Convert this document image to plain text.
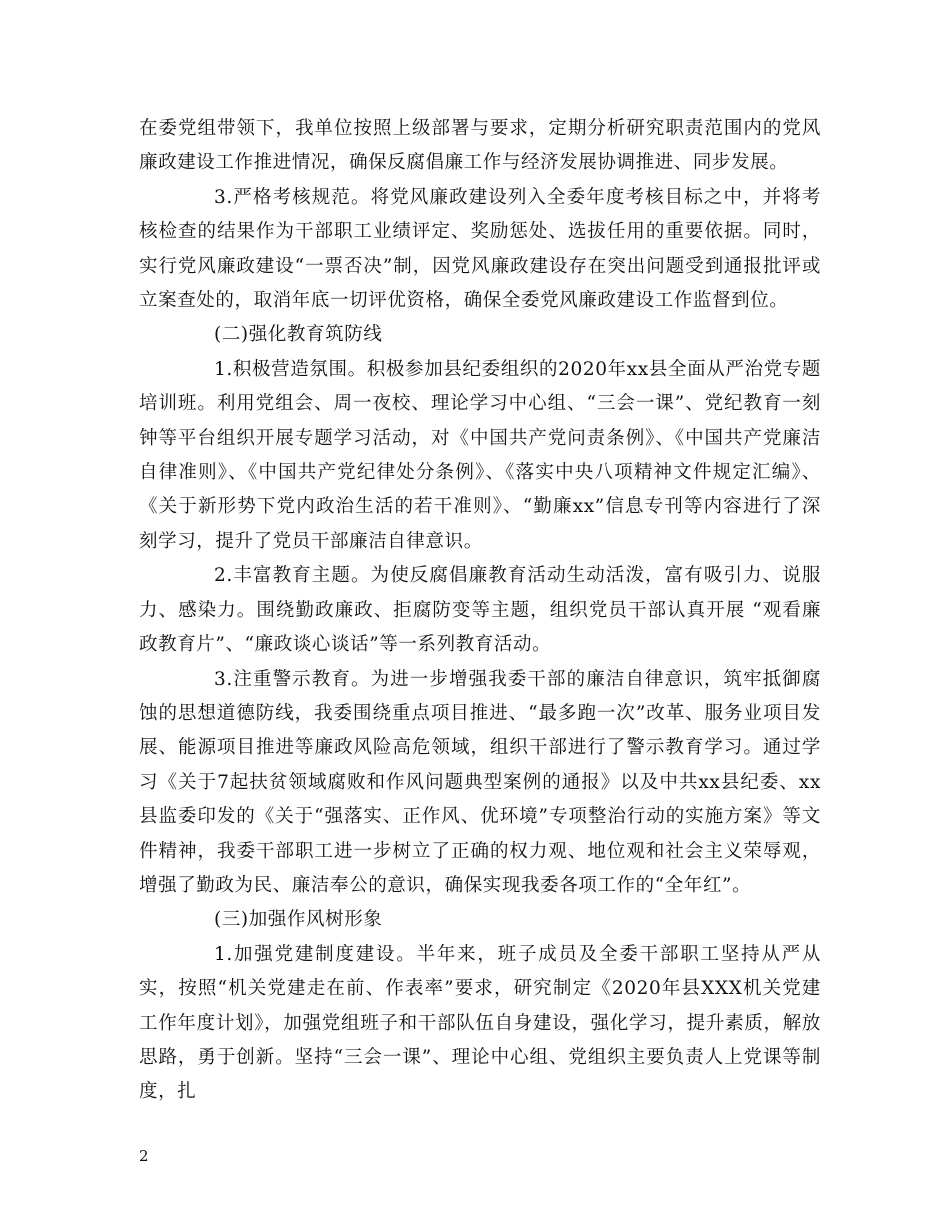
在委党组带领下，我单位按照上级部署与要求，定期分析研究职责范围内的党风廉政建设工作推进情况，确保反腐倡廉工作与经济发展协调推进、同步发展。

3.严格考核规范。将党风廉政建设列入全委年度考核目标之中，并将考核检查的结果作为干部职工业绩评定、奖励惩处、选拔任用的重要依据。同时，实行党风廉政建设“一票否决”制，因党风廉政建设存在突出问题受到通报批评或立案查处的，取消年底一切评优资格，确保全委党风廉政建设工作监督到位。

(二)强化教育筑防线

1.积极营造氛围。积极参加县纪委组织的2020年xx县全面从严治党专题培训班。利用党组会、周一夜校、理论学习中心组、“三会一课”、党纪教育一刻钟等平台组织开展专题学习活动，对《中国共产党问责条例》、《中国共产党廉洁自律准则》、《中国共产党纪律处分条例》、《落实中央八项精神文件规定汇编》、《关于新形势下党内政治生活的若干准则》、“勤廉xx”信息专刊等内容进行了深刻学习，提升了党员干部廉洁自律意识。

2.丰富教育主题。为使反腐倡廉教育活动生动活泼，富有吸引力、说服力、感染力。围绕勤政廉政、拒腐防变等主题，组织党员干部认真开展 “观看廉政教育片”、“廉政谈心谈话”等一系列教育活动。

3.注重警示教育。为进一步增强我委干部的廉洁自律意识，筑牢抵御腐蚀的思想道德防线，我委围绕重点项目推进、“最多跑一次”改革、服务业项目发展、能源项目推进等廉政风险高危领域，组织干部进行了警示教育学习。通过学习《关于7起扶贫领域腐败和作风问题典型案例的通报》以及中共xx县纪委、xx县监委印发的《关于“强落实、正作风、优环境”专项整治行动的实施方案》等文件精神，我委干部职工进一步树立了正确的权力观、地位观和社会主义荣辱观，增强了勤政为民、廉洁奉公的意识，确保实现我委各项工作的“全年红”。

(三)加强作风树形象

1.加强党建制度建设。半年来，班子成员及全委干部职工坚持从严从实，按照“机关党建走在前、作表率”要求，研究制定《2020年县XXX机关党建工作年度计划》，加强党组班子和干部队伍自身建设，强化学习，提升素质，解放思路，勇于创新。坚持“三会一课”、理论中心组、党组织主要负责人上党课等制度，扎

2
